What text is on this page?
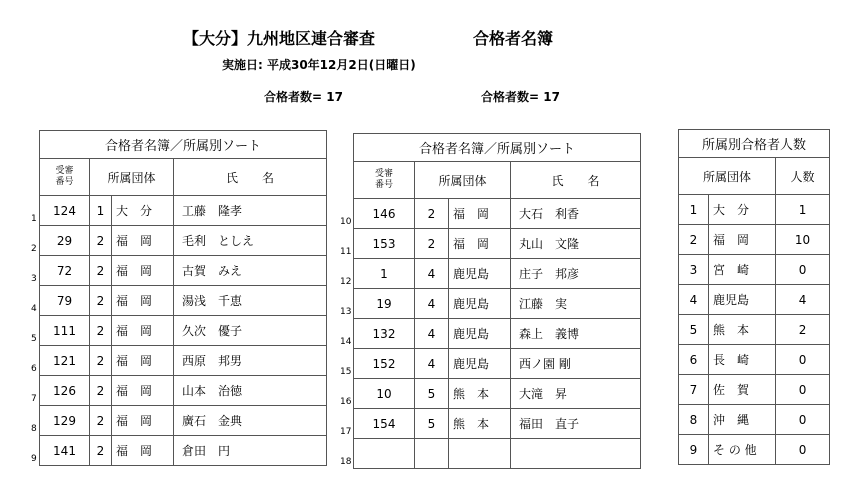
【大分】九州地区連合審査	合格者名簿
実施日: 平成30年12月2日(日曜日)
合格者数= 17	合格者数= 17
合格者名簿／所属別ソート			

受審
番号	所属団体		氏　　名
124	1	大　分	工藤　隆孝
29	2	福　岡	毛利　としえ
72	2	福　岡	古賀　みえ
79	2	福　岡	湯浅　千恵
111	2	福　岡	久次　優子
121	2	福　岡	西原　邦男
126	2	福　岡	山本　治徳
129	2	福　岡	廣石　金典
141	2	福　岡	倉田　円
合格者名簿／所属別ソート			

受審
番号	所属団体		氏　　名
146	2	福　岡	大石　利香
153	2	福　岡	丸山　文隆
1	4	鹿児島	庄子　邦彦
19	4	鹿児島	江藤　実
132	4	鹿児島	森上　義博
152	4	鹿児島	西ノ園 剛
10	5	熊　本	大滝　昇
154	5	熊　本	福田　直子

所属別合格者人数		
所属団体		人数
1	大　分	1
2	福　岡	10
3	宮　崎	0
4	鹿児島	4
5	熊　本	2
6	長　崎	0
7	佐　賀	0
8	沖　縄	0
9	そ の 他	0
1
2
3
4
5
6
7
8
9
10
11
12
13
14
15
16
17
18
